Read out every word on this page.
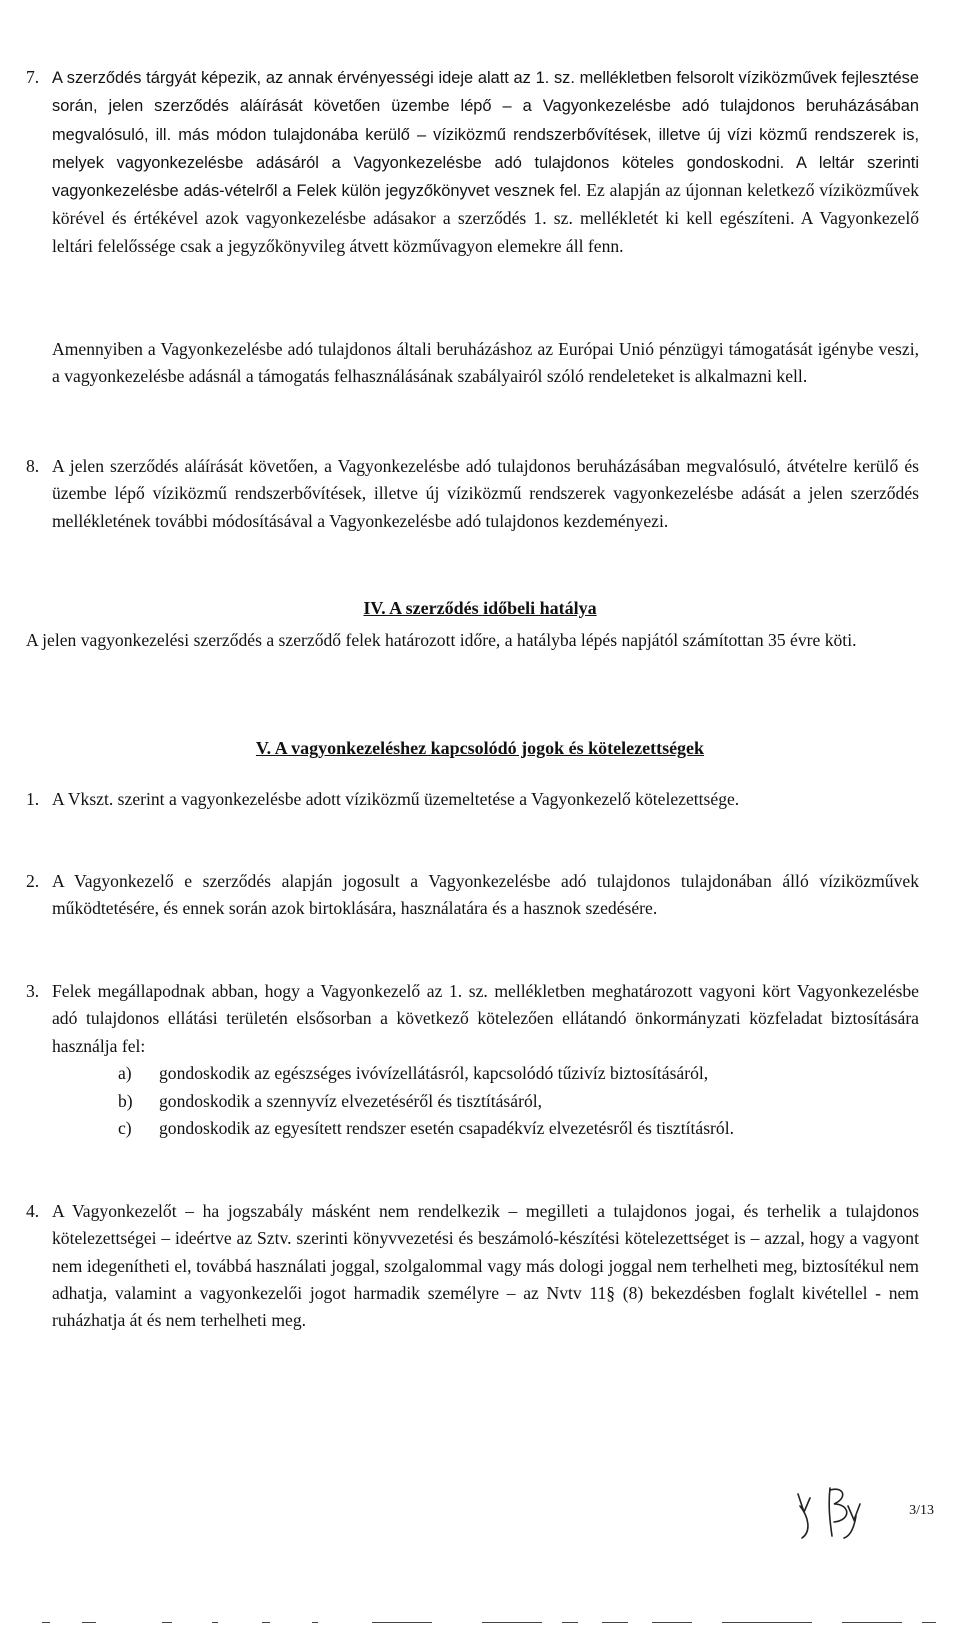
7. A szerződés tárgyát képezik, az annak érvényességi ideje alatt az 1. sz. mellékletben felsorolt víziközművek fejlesztése során, jelen szerződés aláírását követően üzembe lépő – a Vagyonkezelésbe adó tulajdonos beruházásában megvalósuló, ill. más módon tulajdonába kerülő – víziközmű rendszerbővítések, illetve új vízi közmű rendszerek is, melyek vagyonkezelésbe adásáról a Vagyonkezelésbe adó tulajdonos köteles gondoskodni. A leltár szerinti vagyonkezelésbe adás-vételről a Felek külön jegyzőkönyvet vesznek fel. Ez alapján az újonnan keletkező víziközművek körével és értékével azok vagyonkezelésbe adásakor a szerződés 1. sz. mellékletét ki kell egészíteni. A Vagyonkezelő leltári felelőssége csak a jegyzőkönyvileg átvett közművagyon elemekre áll fenn.
Amennyiben a Vagyonkezelésbe adó tulajdonos általi beruházáshoz az Európai Unió pénzügyi támogatását igénybe veszi, a vagyonkezelésbe adásnál a támogatás felhasználásának szabályairól szóló rendeleteket is alkalmazni kell.
8. A jelen szerződés aláírását követően, a Vagyonkezelésbe adó tulajdonos beruházásában megvalósuló, átvételre kerülő és üzembe lépő víziközmű rendszerbővítések, illetve új víziközmű rendszerek vagyonkezelésbe adását a jelen szerződés mellékletének további módosításával a Vagyonkezelésbe adó tulajdonos kezdeményezi.
IV. A szerződés időbeli hatálya
A jelen vagyonkezelési szerződés a szerződő felek határozott időre, a hatályba lépés napjától számítottan 35 évre köti.
V. A vagyonkezeléshez kapcsolódó jogok és kötelezettségek
1. A Vkszt. szerint a vagyonkezelésbe adott víziközmű üzemeltetése a Vagyonkezelő kötelezettsége.
2. A Vagyonkezelő e szerződés alapján jogosult a Vagyonkezelésbe adó tulajdonos tulajdonában álló víziközművek működtetésére, és ennek során azok birtoklására, használatára és a hasznok szedésére.
3. Felek megállapodnak abban, hogy a Vagyonkezelő az 1. sz. mellékletben meghatározott vagyoni kört Vagyonkezelésbe adó tulajdonos ellátási területén elsősorban a következő kötelezően ellátandó önkormányzati közfeladat biztosítására használja fel:
a) gondoskodik az egészséges ivóvízellátásról, kapcsolódó tűzivíz biztosításáról,
b) gondoskodik a szennyvíz elvezetéséről és tisztításáról,
c) gondoskodik az egyesített rendszer esetén csapadékvíz elvezetésről és tisztításról.
4. A Vagyonkezelőt – ha jogszabály másként nem rendelkezik – megilleti a tulajdonos jogai, és terhelik a tulajdonos kötelezettségei – ideértve az Sztv. szerinti könyvvezetési és beszámoló-készítési kötelezettséget is – azzal, hogy a vagyont nem idegenítheti el, továbbá használati joggal, szolgalommal vagy más dologi joggal nem terhelheti meg, biztosítékul nem adhatja, valamint a vagyonkezelői jogot harmadik személyre – az Nvtv 11§ (8) bekezdésben foglalt kivétellel - nem ruházhatja át és nem terhelheti meg.
3/13
